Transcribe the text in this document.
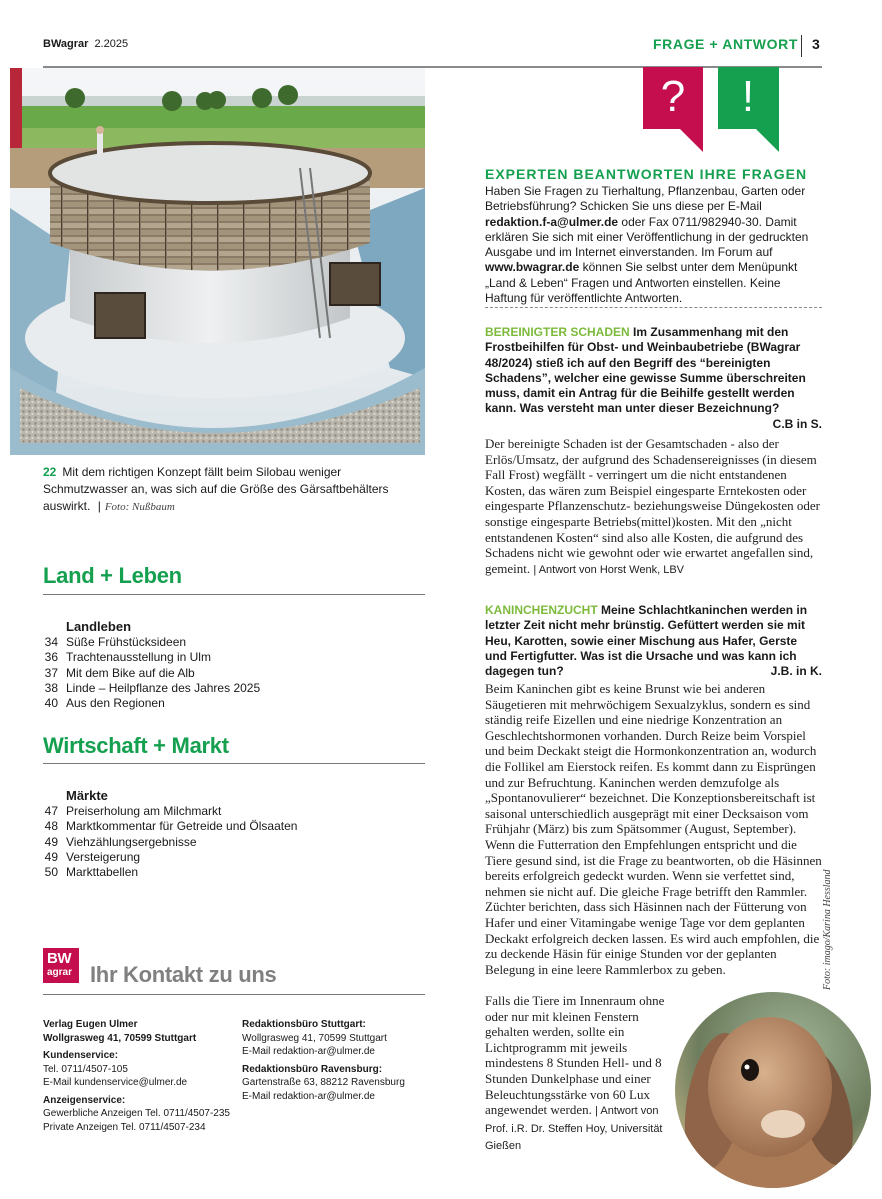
BWagrar 2.2025	FRAGE + ANTWORT	3
22 Mit dem richtigen Konzept fällt beim Silobau weniger Schmutzwasser an, was sich auf die Größe des Gärsaftbehälters auswirkt. | Foto: Nußbaum
Land + Leben
Landleben
34 Süße Frühstücksideen
36 Trachtenausstellung in Ulm
37 Mit dem Bike auf die Alb
38 Linde – Heilpflanze des Jahres 2025
40 Aus den Regionen
Wirtschaft + Markt
Märkte
47 Preiserholung am Milchmarkt
48 Marktkommentar für Getreide und Ölsaaten
49 Viehzählungsergebnisse
49 Versteigerung
50 Markttabellen
BW
agrar Ihr Kontakt zu uns
Verlag Eugen Ulmer
Wollgrasweg 41, 70599 Stuttgart
Kundenservice:
Tel. 0711/4507-105
E-Mail kundenservice@ulmer.de
Anzeigenservice:
Gewerbliche Anzeigen Tel. 0711/4507-235
Private Anzeigen Tel. 0711/4507-234
Redaktionsbüro Stuttgart:
Wollgrasweg 41, 70599 Stuttgart
E-Mail redaktion-ar@ulmer.de
Redaktionsbüro Ravensburg:
Gartenstraße 63, 88212 Ravensburg
E-Mail redaktion-ar@ulmer.de
? !
EXPERTEN BEANTWORTEN IHRE FRAGEN
Haben Sie Fragen zu Tierhaltung, Pflanzenbau, Garten oder Betriebsführung? Schicken Sie uns diese per E-Mail redaktion.f-a@ulmer.de oder Fax 0711/982940-30. Damit erklären Sie sich mit einer Veröffentlichung in der gedruckten Ausgabe und im Internet einverstanden. Im Forum auf www.bwagrar.de können Sie selbst unter dem Menüpunkt „Land & Leben“ Fragen und Antworten einstellen. Keine Haftung für veröffentlichte Antworten.
BEREINIGTER SCHADEN Im Zusammenhang mit den Frostbeihilfen für Obst- und Weinbaubetriebe (BWagrar 48/2024) stieß ich auf den Begriff des “bereinigten Schadens”, welcher eine gewisse Summe überschreiten muss, damit ein Antrag für die Beihilfe gestellt werden kann. Was versteht man unter dieser Bezeichnung?
C.B in S.
Der bereinigte Schaden ist der Gesamtschaden - also der Erlös/Umsatz, der aufgrund des Schadensereignisses (in diesem Fall Frost) wegfällt - verringert um die nicht entstandenen Kosten, das wären zum Beispiel eingesparte Erntekosten oder eingesparte Pflanzenschutz- beziehungsweise Düngekosten oder sonstige eingesparte Betriebs(mittel)kosten. Mit den „nicht entstandenen Kosten“ sind also alle Kosten, die aufgrund des Schadens nicht wie gewohnt oder wie erwartet angefallen sind, gemeint. | Antwort von Horst Wenk, LBV
KANINCHENZUCHT Meine Schlachtkaninchen werden in letzter Zeit nicht mehr brünstig. Gefüttert werden sie mit Heu, Karotten, sowie einer Mischung aus Hafer, Gerste und Fertigfutter. Was ist die Ursache und was kann ich dagegen tun?	J.B. in K.
Beim Kaninchen gibt es keine Brunst wie bei anderen Säugetieren mit mehrwöchigem Sexualzyklus, sondern es sind ständig reife Eizellen und eine niedrige Konzentration an Geschlechtshormonen vorhanden. Durch Reize beim Vorspiel und beim Deckakt steigt die Hormonkonzentration an, wodurch die Follikel am Eierstock reifen. Es kommt dann zu Eisprüngen und zur Befruchtung. Kaninchen werden demzufolge als „Spontanovulierer“ bezeichnet. Die Konzeptionsbereitschaft ist saisonal unterschiedlich ausgeprägt mit einer Decksaison vom Frühjahr (März) bis zum Spätsommer (August, September). Wenn die Futterration den Empfehlungen entspricht und die Tiere gesund sind, ist die Frage zu beantworten, ob die Häsinnen bereits erfolgreich gedeckt wurden. Wenn sie verfettet sind, nehmen sie nicht auf. Die gleiche Frage betrifft den Rammler. Züchter berichten, dass sich Häsinnen nach der Fütterung von Hafer und einer Vitamingabe wenige Tage vor dem geplanten Deckakt erfolgreich decken lassen. Es wird auch empfohlen, die zu deckende Häsin für einige Stunden vor der geplanten Belegung in eine leere Rammlerbox zu geben.
Falls die Tiere im Innenraum ohne oder nur mit kleinen Fenstern gehalten werden, sollte ein Lichtprogramm mit jeweils mindestens 8 Stunden Hell- und 8 Stunden Dunkelphase und einer Beleuchtungsstärke von 60 Lux angewendet werden. | Antwort von Prof. i.R. Dr. Steffen Hoy, Universität Gießen
Foto: imago/Karina Hessland
